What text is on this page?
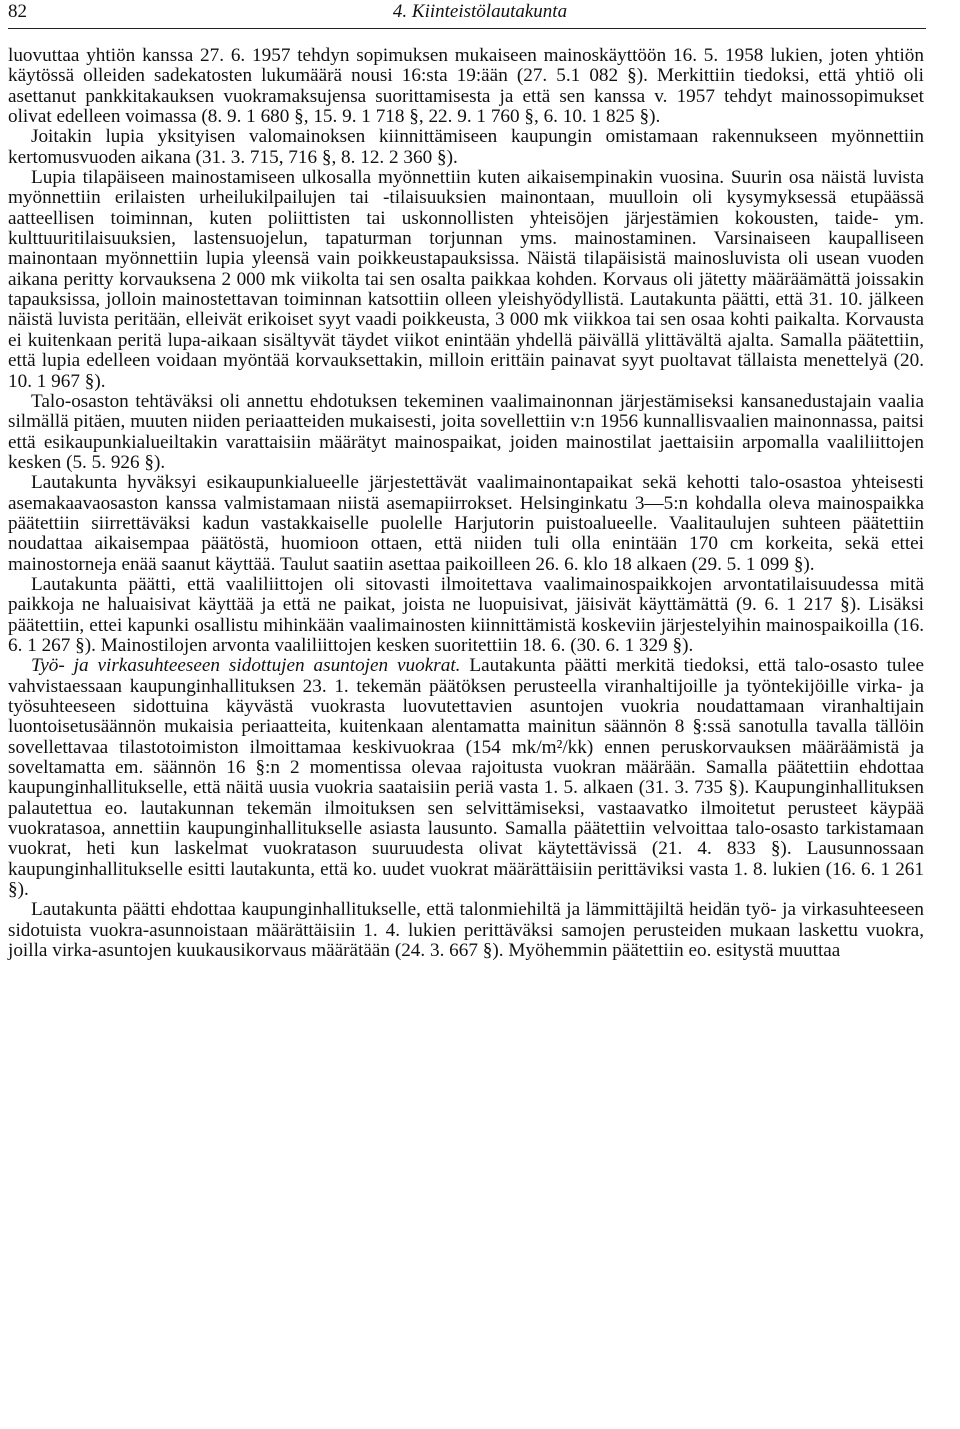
82	4. Kiinteistölautakunta

luovuttaa yhtiön kanssa 27. 6. 1957 tehdyn sopimuksen mukaiseen mainoskäyttöön 16. 5. 1958 lukien, joten yhtiön käytössä olleiden sadekatosten lukumäärä nousi 16:sta 19:ään (27. 5.1 082 §). Merkittiin tiedoksi, että yhtiö oli asettanut pankkitakauksen vuokramaksujensa suorittamisesta ja että sen kanssa v. 1957 tehdyt mainossopimukset olivat edelleen voimassa (8. 9. 1 680 §, 15. 9. 1 718 §, 22. 9. 1 760 §, 6. 10. 1 825 §).

Joitakin lupia yksityisen valomainoksen kiinnittämiseen kaupungin omistamaan rakennukseen myönnettiin kertomusvuoden aikana (31. 3. 715, 716 §, 8. 12. 2 360 §).

Lupia tilapäiseen mainostamiseen ulkosalla myönnettiin kuten aikaisempinakin vuosina. Suurin osa näistä luvista myönnettiin erilaisten urheilukilpailujen tai -tilaisuuksien mainontaan, muulloin oli kysymyksessä etupäässä aatteellisen toiminnan, kuten poliittisten tai uskonnollisten yhteisöjen järjestämien kokousten, taide- ym. kulttuuritilaisuuksien, lastensuojelun, tapaturman torjunnan yms. mainostaminen. Varsinaiseen kaupalliseen mainontaan myönnettiin lupia yleensä vain poikkeustapauksissa. Näistä tilapäisistä mainosluvista oli usean vuoden aikana peritty korvauksena 2 000 mk viikolta tai sen osalta paikkaa kohden. Korvaus oli jätetty määräämättä joissakin tapauksissa, jolloin mainostettavan toiminnan katsottiin olleen yleishyödyllistä. Lautakunta päätti, että 31. 10. jälkeen näistä luvista peritään, elleivät erikoiset syyt vaadi poikkeusta, 3 000 mk viikkoa tai sen osaa kohti paikalta. Korvausta ei kuitenkaan peritä lupa-aikaan sisältyvät täydet viikot enintään yhdellä päivällä ylittävältä ajalta. Samalla päätettiin, että lupia edelleen voidaan myöntää korvauksettakin, milloin erittäin painavat syyt puoltavat tällaista menettelyä (20. 10. 1 967 §).

Talo-osaston tehtäväksi oli annettu ehdotuksen tekeminen vaalimainonnan järjestämiseksi kansanedustajain vaalia silmällä pitäen, muuten niiden periaatteiden mukaisesti, joita sovellettiin v:n 1956 kunnallisvaalien mainonnassa, paitsi että esikaupunkialueiltakin varattaisiin määrätyt mainospaikat, joiden mainostilat jaettaisiin arpomalla vaaliliittojen kesken (5. 5. 926 §).

Lautakunta hyväksyi esikaupunkialueelle järjestettävät vaalimainontapaikat sekä kehotti talo-osastoa yhteisesti asemakaavaosaston kanssa valmistamaan niistä asemapiirrokset. Helsinginkatu 3—5:n kohdalla oleva mainospaikka päätettiin siirrettäväksi kadun vastakkaiselle puolelle Harjutorin puistoalueelle. Vaalitaulujen suhteen päätettiin noudattaa aikaisempaa päätöstä, huomioon ottaen, että niiden tuli olla enintään 170 cm korkeita, sekä ettei mainostorneja enää saanut käyttää. Taulut saatiin asettaa paikoilleen 26. 6. klo 18 alkaen (29. 5. 1 099 §).

Lautakunta päätti, että vaaliliittojen oli sitovasti ilmoitettava vaalimainospaikkojen arvontatilaisuudessa mitä paikkoja ne haluaisivat käyttää ja että ne paikat, joista ne luopuisivat, jäisivät käyttämättä (9. 6. 1 217 §). Lisäksi päätettiin, ettei kapunki osallistu mihinkään vaalimainosten kiinnittämistä koskeviin järjestelyihin mainospaikoilla (16. 6. 1 267 §). Mainostilojen arvonta vaaliliittojen kesken suoritettiin 18. 6. (30. 6. 1 329 §).

Työ- ja virkasuhteeseen sidottujen asuntojen vuokrat. Lautakunta päätti merkitä tiedoksi, että talo-osasto tulee vahvistaessaan kaupunginhallituksen 23. 1. tekemän päätöksen perusteella viranhaltijoille ja työntekijöille virka- ja työsuhteeseen sidottuina käyvästä vuokrasta luovutettavien asuntojen vuokria noudattamaan viranhaltijain luontoisetusäännön mukaisia periaatteita, kuitenkaan alentamatta mainitun säännön 8 §:ssä sanotulla tavalla tällöin sovellettavaa tilastotoimiston ilmoittamaa keskivuokraa (154 mk/m²/kk) ennen peruskorvauksen määräämistä ja soveltamatta em. säännön 16 §:n 2 momentissa olevaa rajoitusta vuokran määrään. Samalla päätettiin ehdottaa kaupunginhallitukselle, että näitä uusia vuokria saataisiin periä vasta 1. 5. alkaen (31. 3. 735 §). Kaupunginhallituksen palautettua eo. lautakunnan tekemän ilmoituksen sen selvittämiseksi, vastaavatko ilmoitetut perusteet käypää vuokratasoa, annettiin kaupunginhallitukselle asiasta lausunto. Samalla päätettiin velvoittaa talo-osasto tarkistamaan vuokrat, heti kun laskelmat vuokratason suuruudesta olivat käytettävissä (21. 4. 833 §). Lausunnossaan kaupunginhallitukselle esitti lautakunta, että ko. uudet vuokrat määrättäisiin perittäviksi vasta 1. 8. lukien (16. 6. 1 261 §).

Lautakunta päätti ehdottaa kaupunginhallitukselle, että talonmiehiltä ja lämmittäjiltä heidän työ- ja virkasuhteeseen sidotuista vuokra-asunnoistaan määrättäisiin 1. 4. lukien perittäväksi samojen perusteiden mukaan laskettu vuokra, joilla virka-asuntojen kuukausikorvaus määrätään (24. 3. 667 §). Myöhemmin päätettiin eo. esitystä muuttaa
